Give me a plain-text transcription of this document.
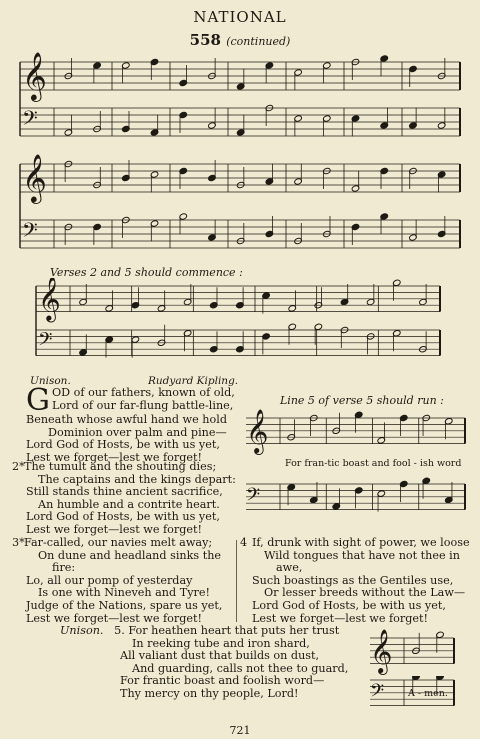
NATIONAL
558 (continued)
𝄞
𝄢
𝄞
𝄢
Verses 2 and 5 should commence :
𝄞
𝄢
Unison.	Rudyard Kipling.
G OD of our fathers, known of old,
Lord of our far-flung battle-line,
Beneath whose awful hand we hold
Dominion over palm and pine—
Lord God of Hosts, be with us yet,
Lest we forget—lest we forget!
Line 5 of verse 5 should run :
𝄞
For fran-tic boast and fool - ish word
𝄢
2*The tumult and the shouting dies;
The captains and the kings depart:
Still stands thine ancient sacrifice,
An humble and a contrite heart.
Lord God of Hosts, be with us yet,
Lest we forget—lest we forget!
3*Far-called, our navies melt away;
On dune and headland sinks the
fire:
Lo, all our pomp of yesterday
Is one with Nineveh and Tyre!
Judge of the Nations, spare us yet,
Lest we forget—lest we forget!
4 If, drunk with sight of power, we loose
Wild tongues that have not thee in
awe,
Such boastings as the Gentiles use,
Or lesser breeds without the Law—
Lord God of Hosts, be with us yet,
Lest we forget—lest we forget!
Unison. 5. For heathen heart that puts her trust
In reeking tube and iron shard,
All valiant dust that builds on dust,
And guarding, calls not thee to guard,
For frantic boast and foolish word—
Thy mercy on thy people, Lord!
𝄞
A - men.
𝄢
721
